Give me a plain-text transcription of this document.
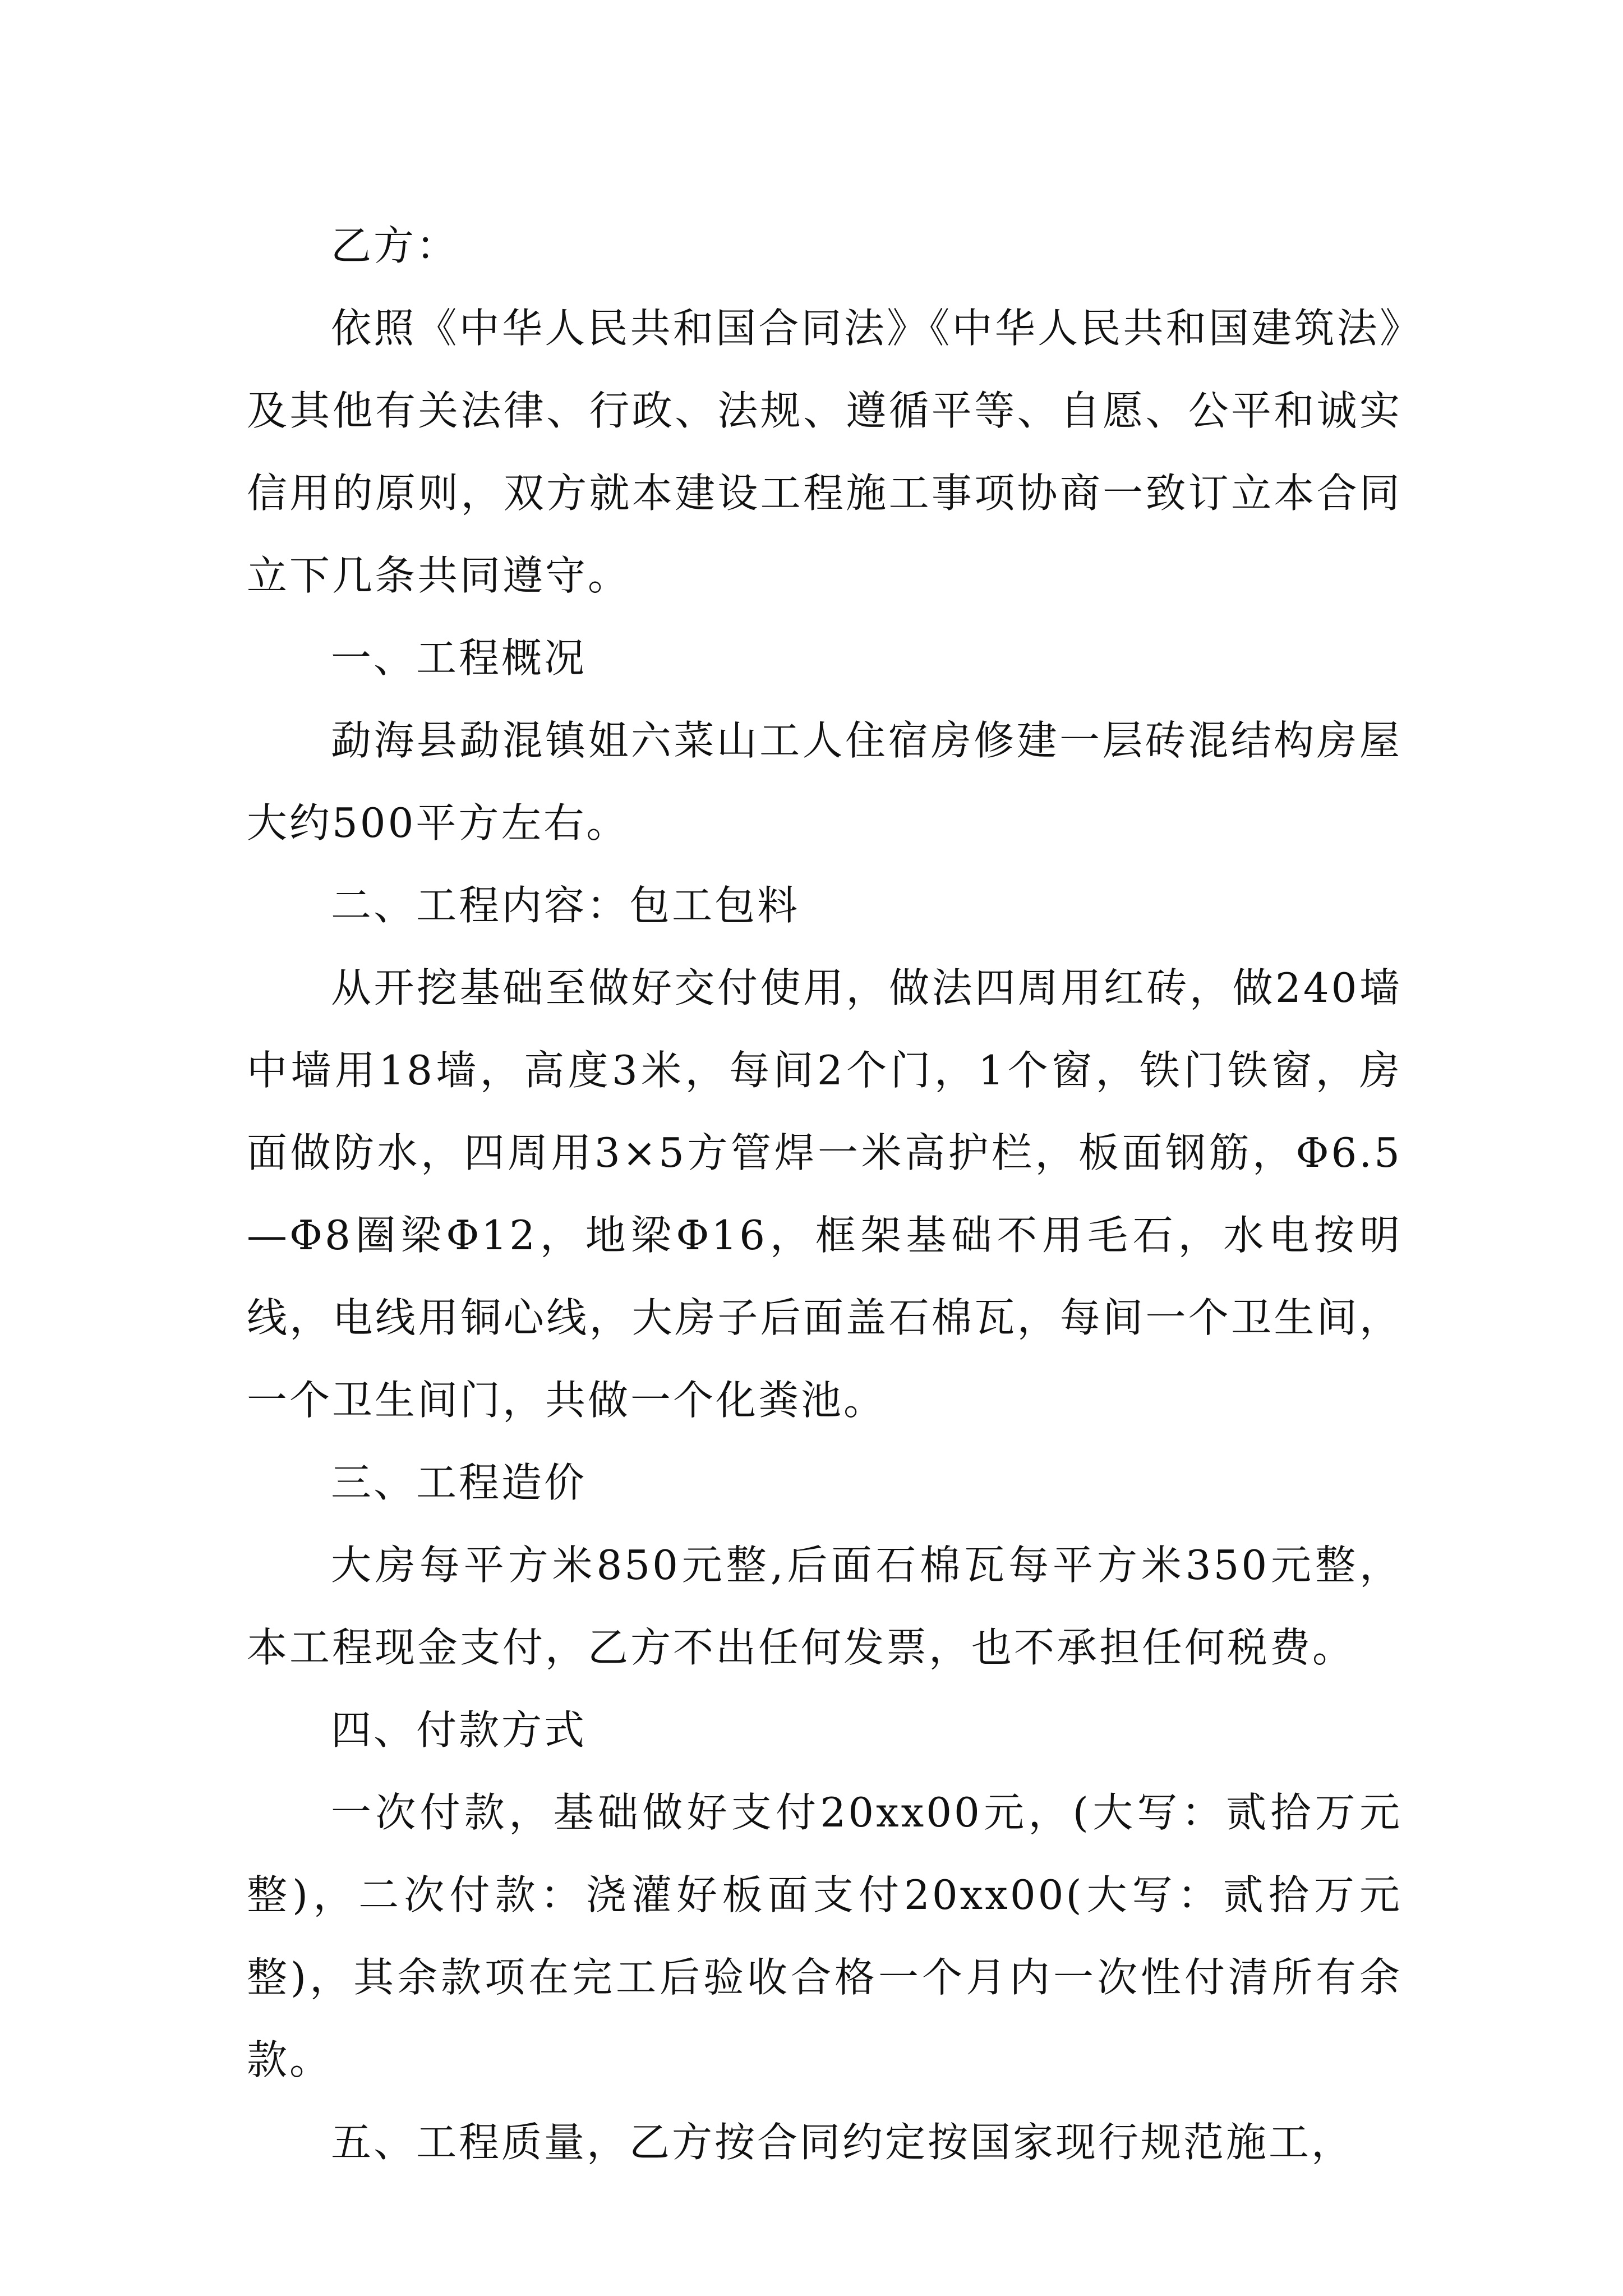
乙方：

依照《中华人民共和国合同法》《中华人民共和国建筑法》及其他有关法律、行政、法规、遵循平等、自愿、公平和诚实信用的原则，双方就本建设工程施工事项协商一致订立本合同立下几条共同遵守。

一、工程概况

勐海县勐混镇姐六菜山工人住宿房修建一层砖混结构房屋大约500平方左右。

二、工程内容：包工包料

从开挖基础至做好交付使用，做法四周用红砖，做240墙中墙用18墙，高度3米，每间2个门，1个窗，铁门铁窗，房面做防水，四周用3×5方管焊一米高护栏，板面钢筋，Φ6.5—Φ8圈梁Φ12，地梁Φ16，框架基础不用毛石，水电按明线，电线用铜心线，大房子后面盖石棉瓦，每间一个卫生间，一个卫生间门，共做一个化粪池。

三、工程造价

大房每平方米850元整,后面石棉瓦每平方米350元整，本工程现金支付，乙方不出任何发票，也不承担任何税费。

四、付款方式

一次付款，基础做好支付20xx00元，(大写：贰拾万元整)，二次付款：浇灌好板面支付20xx00(大写：贰拾万元整)，其余款项在完工后验收合格一个月内一次性付清所有余款。

五、工程质量，乙方按合同约定按国家现行规范施工，
